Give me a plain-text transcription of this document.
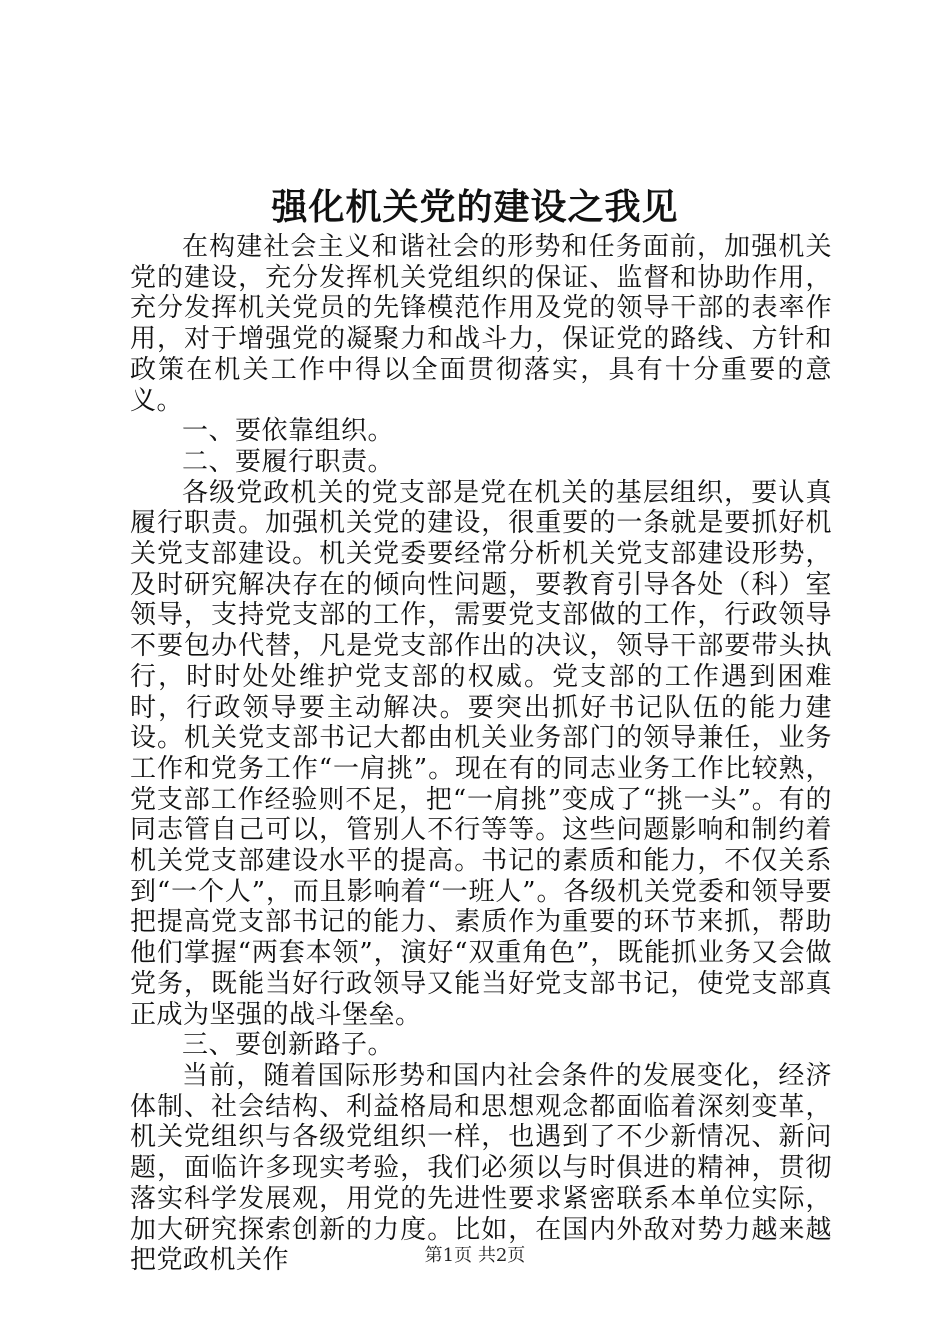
强化机关党的建设之我见

在构建社会主义和谐社会的形势和任务面前，加强机关党的建设，充分发挥机关党组织的保证、监督和协助作用，充分发挥机关党员的先锋模范作用及党的领导干部的表率作用，对于增强党的凝聚力和战斗力，保证党的路线、方针和政策在机关工作中得以全面贯彻落实，具有十分重要的意义。

一、要依靠组织。

二、要履行职责。

各级党政机关的党支部是党在机关的基层组织，要认真履行职责。加强机关党的建设，很重要的一条就是要抓好机关党支部建设。机关党委要经常分析机关党支部建设形势，及时研究解决存在的倾向性问题，要教育引导各处（科）室领导，支持党支部的工作，需要党支部做的工作，行政领导不要包办代替，凡是党支部作出的决议，领导干部要带头执行，时时处处维护党支部的权威。党支部的工作遇到困难时，行政领导要主动解决。要突出抓好书记队伍的能力建设。机关党支部书记大都由机关业务部门的领导兼任，业务工作和党务工作“一肩挑”。现在有的同志业务工作比较熟，党支部工作经验则不足，把“一肩挑”变成了“挑一头”。有的同志管自己可以，管别人不行等等。这些问题影响和制约着机关党支部建设水平的提高。书记的素质和能力，不仅关系到“一个人”，而且影响着“一班人”。各级机关党委和领导要把提高党支部书记的能力、素质作为重要的环节来抓，帮助他们掌握“两套本领”，演好“双重角色”，既能抓业务又会做党务，既能当好行政领导又能当好党支部书记，使党支部真正成为坚强的战斗堡垒。

三、要创新路子。

当前，随着国际形势和国内社会条件的发展变化，经济体制、社会结构、利益格局和思想观念都面临着深刻变革，机关党组织与各级党组织一样，也遇到了不少新情况、新问题，面临许多现实考验，我们必须以与时俱进的精神，贯彻落实科学发展观，用党的先进性要求紧密联系本单位实际，加大研究探索创新的力度。比如，在国内外敌对势力越来越把党政机关作	第1页 共2页
